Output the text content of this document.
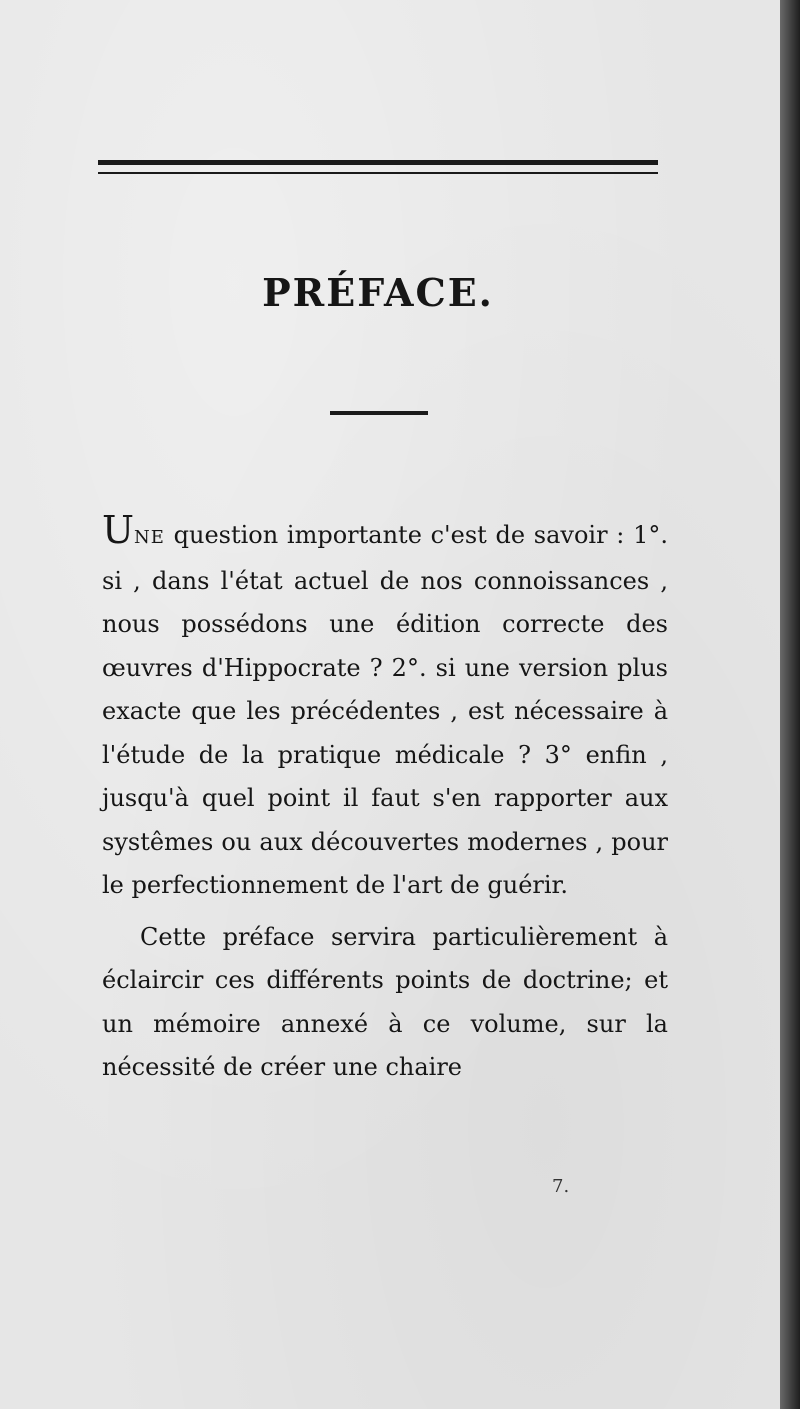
PRÉFACE.

UNE question importante c'est de savoir : 1°. si , dans l'état actuel de nos connoissances , nous possédons une édition correcte des œuvres d'Hippocrate ? 2°. si une version plus exacte que les précédentes , est nécessaire à l'étude de la pratique médicale ? 3° enfin , jusqu'à quel point il faut s'en rapporter aux systêmes ou aux découvertes modernes , pour le perfectionnement de l'art de guérir.

Cette préface servira particulièrement à éclaircir ces différents points de doctrine; et un mémoire annexé à ce volume, sur la nécessité de créer une chaire

7.
